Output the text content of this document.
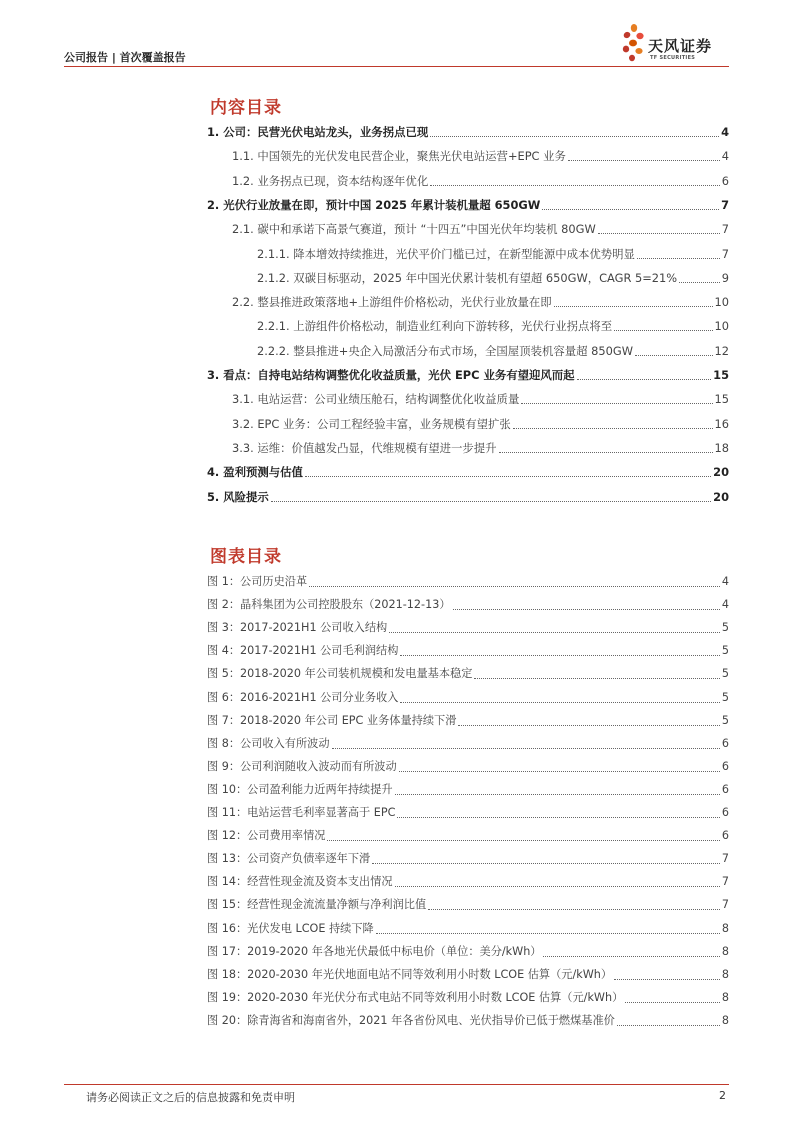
公司报告 | 首次覆盖报告
天风证券
TF SECURITIES
内容目录
1. 公司：民营光伏电站龙头，业务拐点已现	4
1.1. 中国领先的光伏发电民营企业，聚焦光伏电站运营+EPC 业务	4
1.2. 业务拐点已现，资本结构逐年优化	6
2. 光伏行业放量在即，预计中国 2025 年累计装机量超 650GW	7
2.1. 碳中和承诺下高景气赛道，预计 “十四五”中国光伏年均装机 80GW	7
2.1.1. 降本增效持续推进，光伏平价门槛已过，在新型能源中成本优势明显	7
2.1.2. 双碳目标驱动，2025 年中国光伏累计装机有望超 650GW，CAGR 5=21%	9
2.2. 整县推进政策落地+上游组件价格松动，光伏行业放量在即	10
2.2.1. 上游组件价格松动，制造业红利向下游转移，光伏行业拐点将至	10
2.2.2. 整县推进+央企入局激活分布式市场，全国屋顶装机容量超 850GW	12
3. 看点：自持电站结构调整优化收益质量，光伏 EPC 业务有望迎风而起	15
3.1. 电站运营：公司业绩压舱石，结构调整优化收益质量	15
3.2. EPC 业务：公司工程经验丰富，业务规模有望扩张	16
3.3. 运维：价值越发凸显，代维规模有望进一步提升	18
4. 盈利预测与估值	20
5. 风险提示	20
图表目录
图 1：公司历史沿革	4
图 2：晶科集团为公司控股股东（2021-12-13）	4
图 3：2017-2021H1 公司收入结构	5
图 4：2017-2021H1 公司毛利润结构	5
图 5：2018-2020 年公司装机规模和发电量基本稳定	5
图 6：2016-2021H1 公司分业务收入	5
图 7：2018-2020 年公司 EPC 业务体量持续下滑	5
图 8：公司收入有所波动	6
图 9：公司利润随收入波动而有所波动	6
图 10：公司盈利能力近两年持续提升	6
图 11：电站运营毛利率显著高于 EPC	6
图 12：公司费用率情况	6
图 13：公司资产负债率逐年下滑	7
图 14：经营性现金流及资本支出情况	7
图 15：经营性现金流流量净额与净利润比值	7
图 16：光伏发电 LCOE 持续下降	8
图 17：2019-2020 年各地光伏最低中标电价（单位：美分/kWh）	8
图 18：2020-2030 年光伏地面电站不同等效利用小时数 LCOE 估算（元/kWh）	8
图 19：2020-2030 年光伏分布式电站不同等效利用小时数 LCOE 估算（元/kWh）	8
图 20：除青海省和海南省外，2021 年各省份风电、光伏指导价已低于燃煤基准价	8
请务必阅读正文之后的信息披露和免责申明	2
